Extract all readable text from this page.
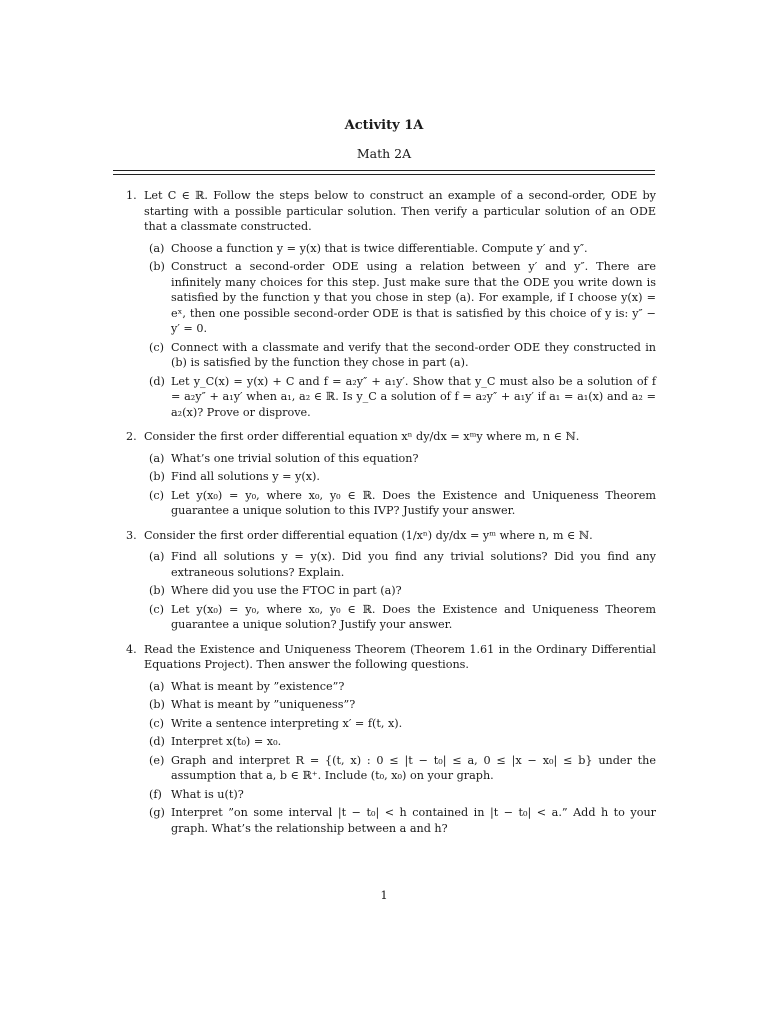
Activity 1A
Math 2A
1. Let C ∈ ℝ. Follow the steps below to construct an example of a second-order, ODE by starting with a possible particular solution. Then verify a particular solution of an ODE that a classmate constructed.
(a) Choose a function y = y(x) that is twice differentiable. Compute y′ and y″.
(b) Construct a second-order ODE using a relation between y′ and y″. There are infinitely many choices for this step. Just make sure that the ODE you write down is satisfied by the function y that you chose in step (a). For example, if I choose y(x) = eˣ, then one possible second-order ODE is that is satisfied by this choice of y is: y″ − y′ = 0.
(c) Connect with a classmate and verify that the second-order ODE they constructed in (b) is satisfied by the function they chose in part (a).
(d) Let y_C(x) = y(x) + C and f = a₂y″ + a₁y′. Show that y_C must also be a solution of f = a₂y″ + a₁y′ when a₁, a₂ ∈ ℝ. Is y_C a solution of f = a₂y″ + a₁y′ if a₁ = a₁(x) and a₂ = a₂(x)? Prove or disprove.
2. Consider the first order differential equation xⁿ dy/dx = xᵐy where m, n ∈ ℕ.
(a) What’s one trivial solution of this equation?
(b) Find all solutions y = y(x).
(c) Let y(x₀) = y₀, where x₀, y₀ ∈ ℝ. Does the Existence and Uniqueness Theorem guarantee a unique solution to this IVP? Justify your answer.
3. Consider the first order differential equation (1/xⁿ) dy/dx = yᵐ where n, m ∈ ℕ.
(a) Find all solutions y = y(x). Did you find any trivial solutions? Did you find any extraneous solutions? Explain.
(b) Where did you use the FTOC in part (a)?
(c) Let y(x₀) = y₀, where x₀, y₀ ∈ ℝ. Does the Existence and Uniqueness Theorem guarantee a unique solution? Justify your answer.
4. Read the Existence and Uniqueness Theorem (Theorem 1.61 in the Ordinary Differential Equations Project). Then answer the following questions.
(a) What is meant by ”existence”?
(b) What is meant by ”uniqueness”?
(c) Write a sentence interpreting x′ = f(t, x).
(d) Interpret x(t₀) = x₀.
(e) Graph and interpret R = {(t, x) : 0 ≤ |t − t₀| ≤ a, 0 ≤ |x − x₀| ≤ b} under the assumption that a, b ∈ ℝ⁺. Include (t₀, x₀) on your graph.
(f) What is u(t)?
(g) Interpret ”on some interval |t − t₀| < h contained in |t − t₀| < a.” Add h to your graph. What’s the relationship between a and h?
1
